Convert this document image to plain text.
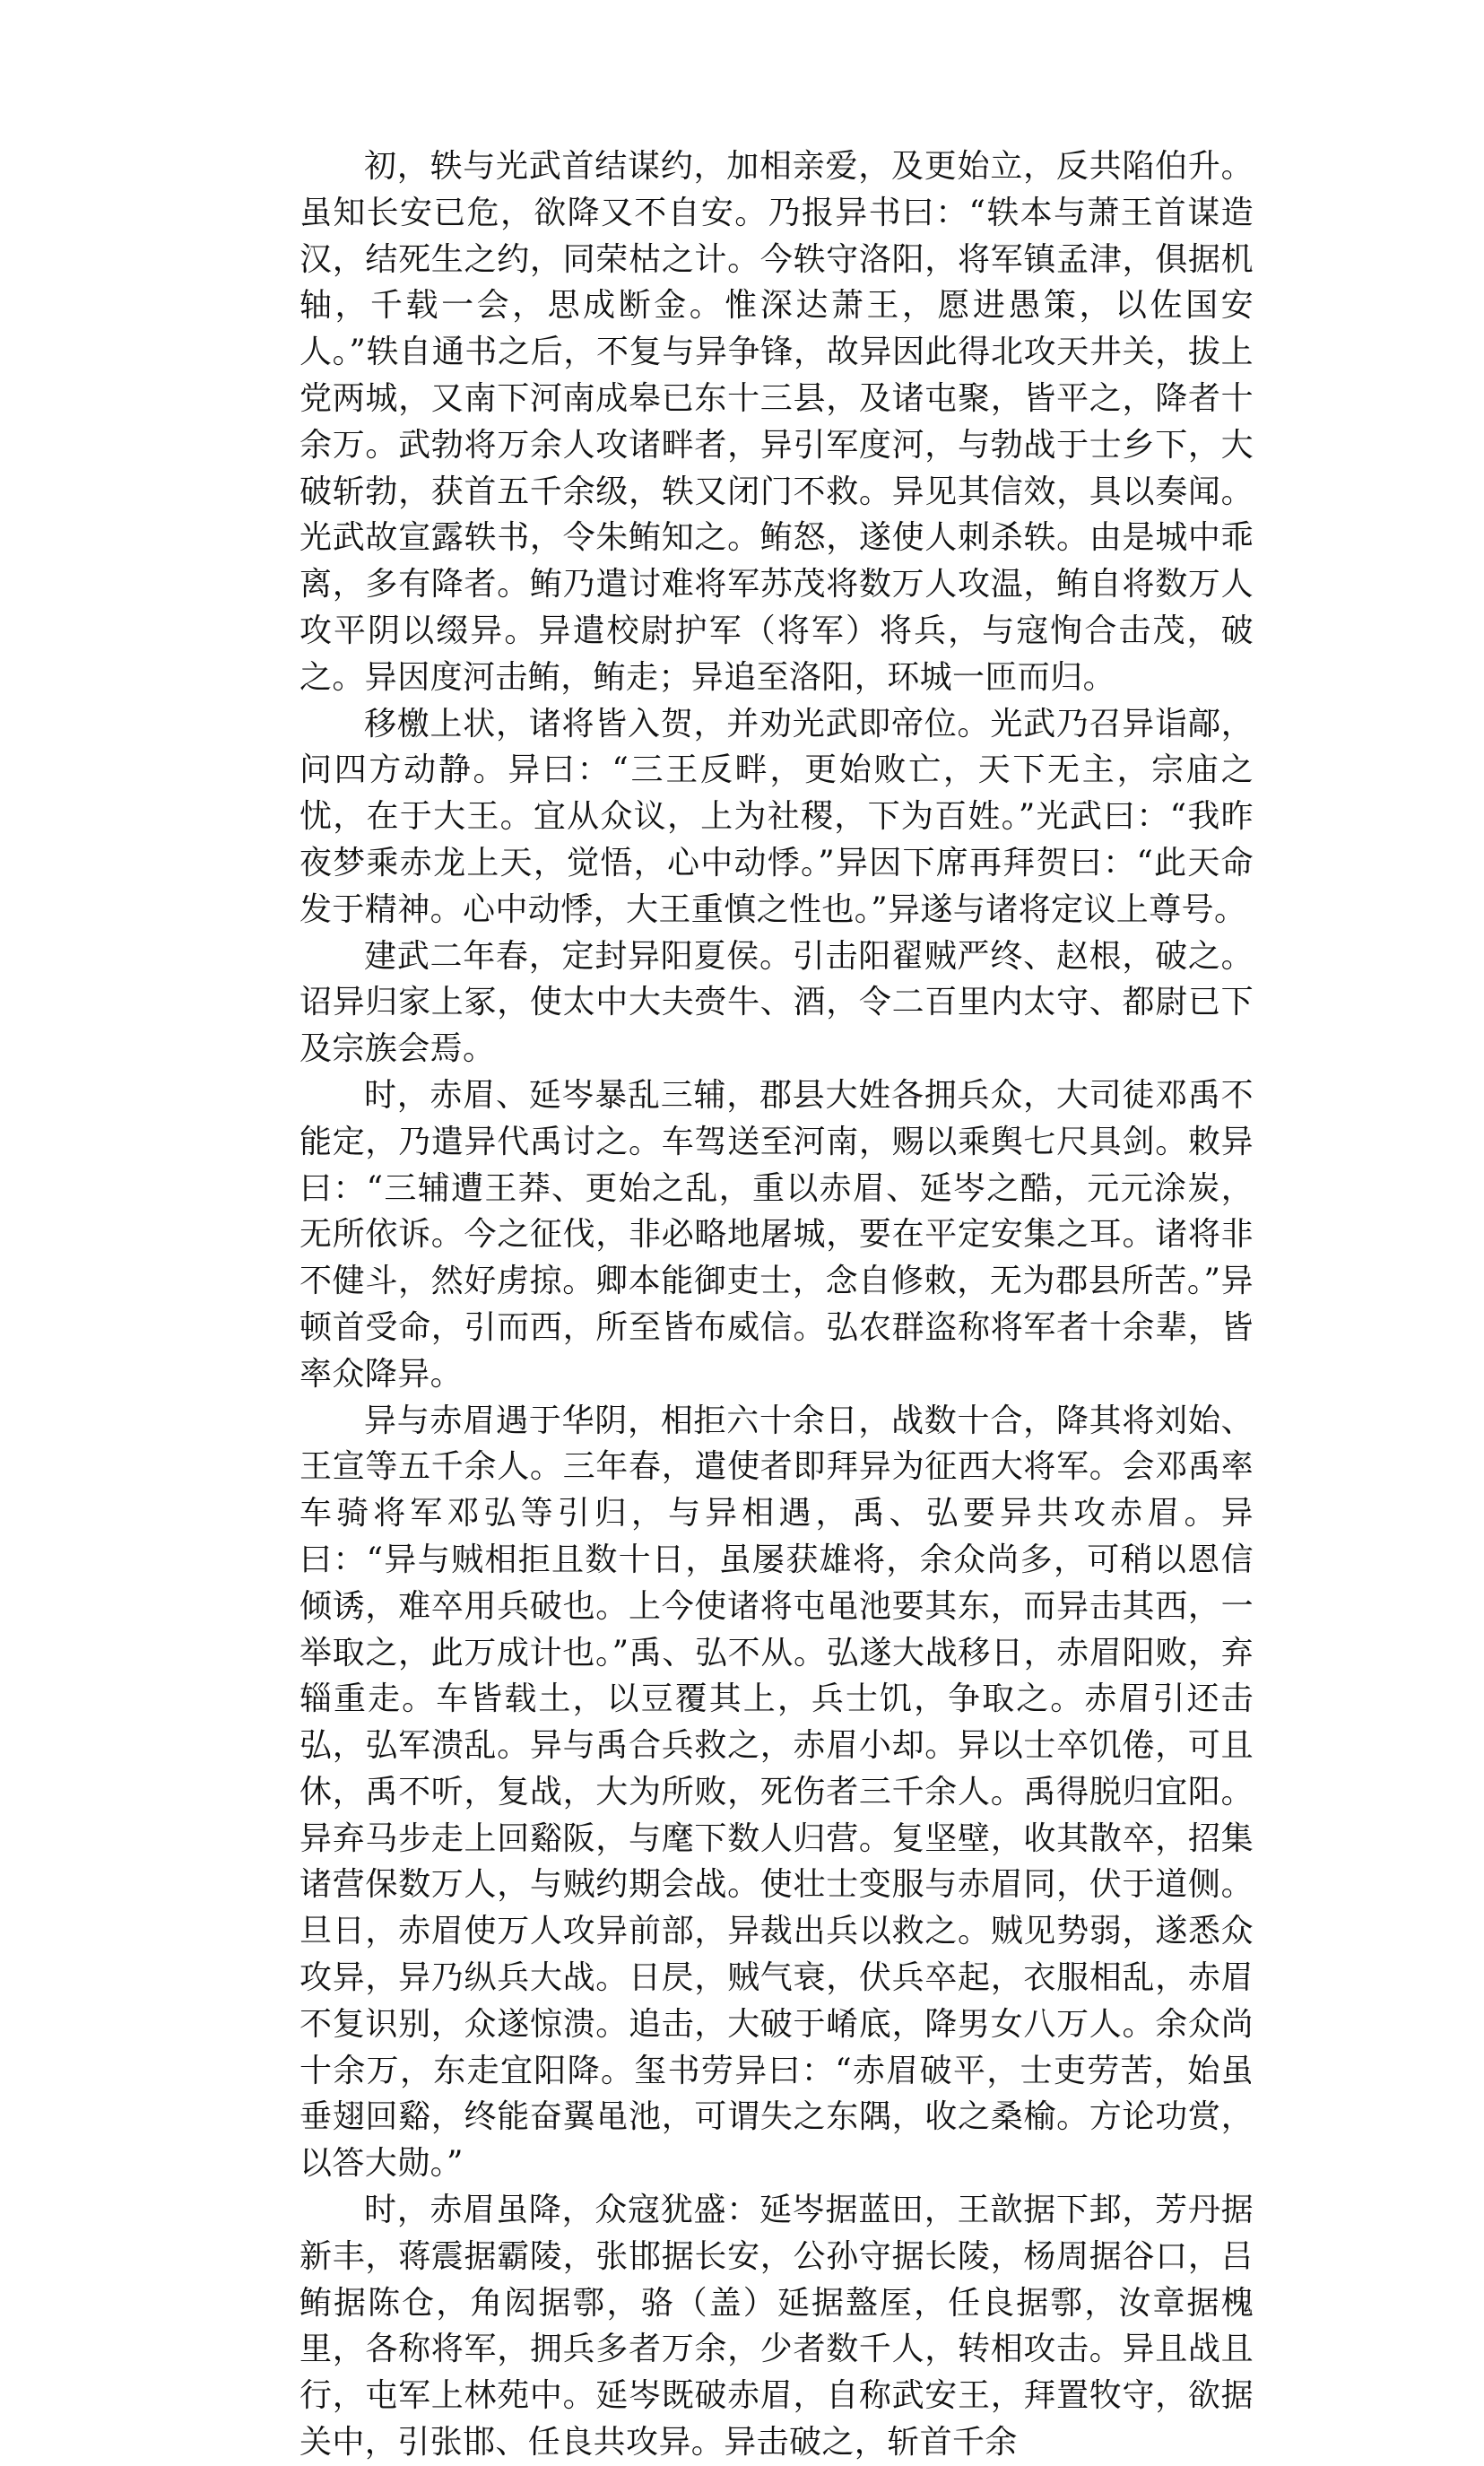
初，轶与光武首结谋约，加相亲爱，及更始立，反共陷伯升。虽知长安已危，欲降又不自安。乃报异书曰：“轶本与萧王首谋造汉，结死生之约，同荣枯之计。今轶守洛阳，将军镇孟津，俱据机轴，千载一会，思成断金。惟深达萧王，愿进愚策，以佐国安人。”轶自通书之后，不复与异争锋，故异因此得北攻天井关，拔上党两城，又南下河南成皋已东十三县，及诸屯聚，皆平之，降者十余万。武勃将万余人攻诸畔者，异引军度河，与勃战于士乡下，大破斩勃，获首五千余级，轶又闭门不救。异见其信效，具以奏闻。光武故宣露轶书，令朱鲔知之。鲔怒，遂使人刺杀轶。由是城中乖离，多有降者。鲔乃遣讨难将军苏茂将数万人攻温，鲔自将数万人攻平阴以缀异。异遣校尉护军（将军）将兵，与寇恂合击茂，破之。异因度河击鲔，鲔走；异追至洛阳，环城一匝而归。

移檄上状，诸将皆入贺，并劝光武即帝位。光武乃召异诣鄗，问四方动静。异曰：“三王反畔，更始败亡，天下无主，宗庙之忧，在于大王。宜从众议，上为社稷，下为百姓。”光武曰：“我昨夜梦乘赤龙上天，觉悟，心中动悸。”异因下席再拜贺曰：“此天命发于精神。心中动悸，大王重慎之性也。”异遂与诸将定议上尊号。

建武二年春，定封异阳夏侯。引击阳翟贼严终、赵根，破之。诏异归家上冢，使太中大夫赍牛、酒，令二百里内太守、都尉已下及宗族会焉。

时，赤眉、延岑暴乱三辅，郡县大姓各拥兵众，大司徒邓禹不能定，乃遣异代禹讨之。车驾送至河南，赐以乘舆七尺具剑。敕异曰：“三辅遭王莽、更始之乱，重以赤眉、延岑之酷，元元涂炭，无所依诉。今之征伐，非必略地屠城，要在平定安集之耳。诸将非不健斗，然好虏掠。卿本能御吏士，念自修敕，无为郡县所苦。”异顿首受命，引而西，所至皆布威信。弘农群盗称将军者十余辈，皆率众降异。

异与赤眉遇于华阴，相拒六十余日，战数十合，降其将刘始、王宣等五千余人。三年春，遣使者即拜异为征西大将军。会邓禹率车骑将军邓弘等引归，与异相遇，禹、弘要异共攻赤眉。异曰：“异与贼相拒且数十日，虽屡获雄将，余众尚多，可稍以恩信倾诱，难卒用兵破也。上今使诸将屯黾池要其东，而异击其西，一举取之，此万成计也。”禹、弘不从。弘遂大战移日，赤眉阳败，弃辎重走。车皆载土，以豆覆其上，兵士饥，争取之。赤眉引还击弘，弘军溃乱。异与禹合兵救之，赤眉小却。异以士卒饥倦，可且休，禹不听，复战，大为所败，死伤者三千余人。禹得脱归宜阳。异弃马步走上回谿阪，与麾下数人归营。复坚壁，收其散卒，招集诸营保数万人，与贼约期会战。使壮士变服与赤眉同，伏于道侧。旦日，赤眉使万人攻异前部，异裁出兵以救之。贼见势弱，遂悉众攻异，异乃纵兵大战。日昃，贼气衰，伏兵卒起，衣服相乱，赤眉不复识别，众遂惊溃。追击，大破于崤底，降男女八万人。余众尚十余万，东走宜阳降。玺书劳异曰：“赤眉破平，士吏劳苦，始虽垂翅回谿，终能奋翼黾池，可谓失之东隅，收之桑榆。方论功赏，以答大勋。”

时，赤眉虽降，众寇犹盛：延岑据蓝田，王歆据下邽，芳丹据新丰，蒋震据霸陵，张邯据长安，公孙守据长陵，杨周据谷口，吕鲔据陈仓，角闳据鄠，骆（盖）延据盩厔，任良据鄠，汝章据槐里，各称将军，拥兵多者万余，少者数千人，转相攻击。异且战且行，屯军上林苑中。延岑既破赤眉，自称武安王，拜置牧守，欲据关中，引张邯、任良共攻异。异击破之，斩首千余
